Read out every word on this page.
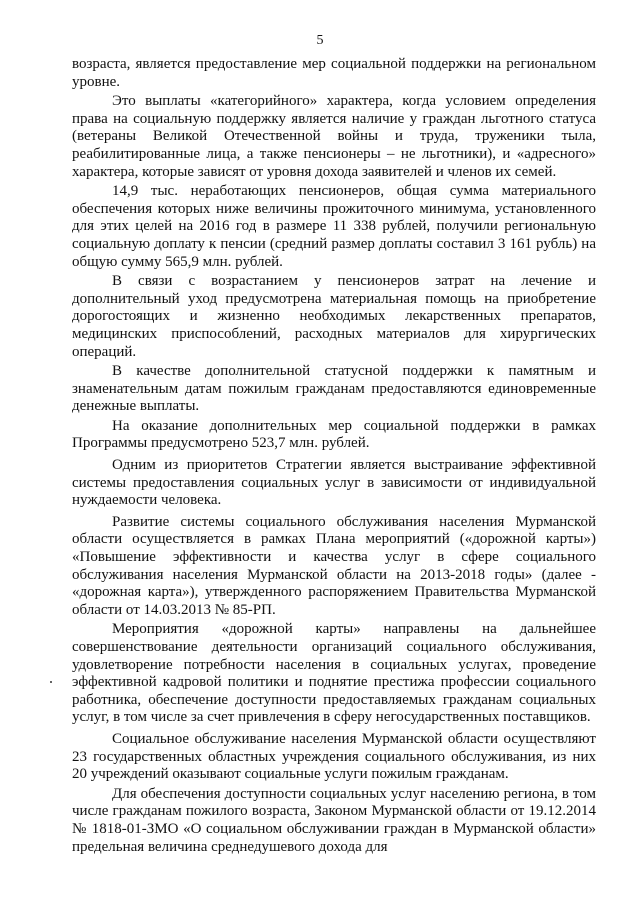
5

возраста, является предоставление мер социальной поддержки на региональном уровне.

Это выплаты «категорийного» характера, когда условием определения права на социальную поддержку является наличие у граждан льготного статуса (ветераны Великой Отечественной войны и труда, труженики тыла, реабилитированные лица, а также пенсионеры – не льготники), и «адресного» характера, которые зависят от уровня дохода заявителей и членов их семей.

14,9 тыс. неработающих пенсионеров, общая сумма материального обеспечения которых ниже величины прожиточного минимума, установленного для этих целей на 2016 год в размере 11 338 рублей, получили региональную социальную доплату к пенсии (средний размер доплаты составил 3 161 рубль) на общую сумму 565,9 млн. рублей.

В связи с возрастанием у пенсионеров затрат на лечение и дополнительный уход предусмотрена материальная помощь на приобретение дорогостоящих и жизненно необходимых лекарственных препаратов, медицинских приспособлений, расходных материалов для хирургических операций.

В качестве дополнительной статусной поддержки к памятным и знаменательным датам пожилым гражданам предоставляются единовременные денежные выплаты.

На оказание дополнительных мер социальной поддержки в рамках Программы предусмотрено 523,7 млн. рублей.

Одним из приоритетов Стратегии является выстраивание эффективной системы предоставления социальных услуг в зависимости от индивидуальной нуждаемости человека.

Развитие системы социального обслуживания населения Мурманской области осуществляется в рамках Плана мероприятий («дорожной карты») «Повышение эффективности и качества услуг в сфере социального обслуживания населения Мурманской области на 2013-2018 годы» (далее - «дорожная карта»), утвержденного распоряжением Правительства Мурманской области от 14.03.2013 № 85-РП.

Мероприятия «дорожной карты» направлены на дальнейшее совершенствование деятельности организаций социального обслуживания, удовлетворение потребности населения в социальных услугах, проведение эффективной кадровой политики и поднятие престижа профессии социального работника, обеспечение доступности предоставляемых гражданам социальных услуг, в том числе за счет привлечения в сферу негосударственных поставщиков.

Социальное обслуживание населения Мурманской области осуществляют 23 государственных областных учреждения социального обслуживания, из них 20 учреждений оказывают социальные услуги пожилым гражданам.

Для обеспечения доступности социальных услуг населению региона, в том числе гражданам пожилого возраста, Законом Мурманской области от 19.12.2014 № 1818-01-ЗМО «О социальном обслуживании граждан в Мурманской области» предельная величина среднедушевого дохода для
